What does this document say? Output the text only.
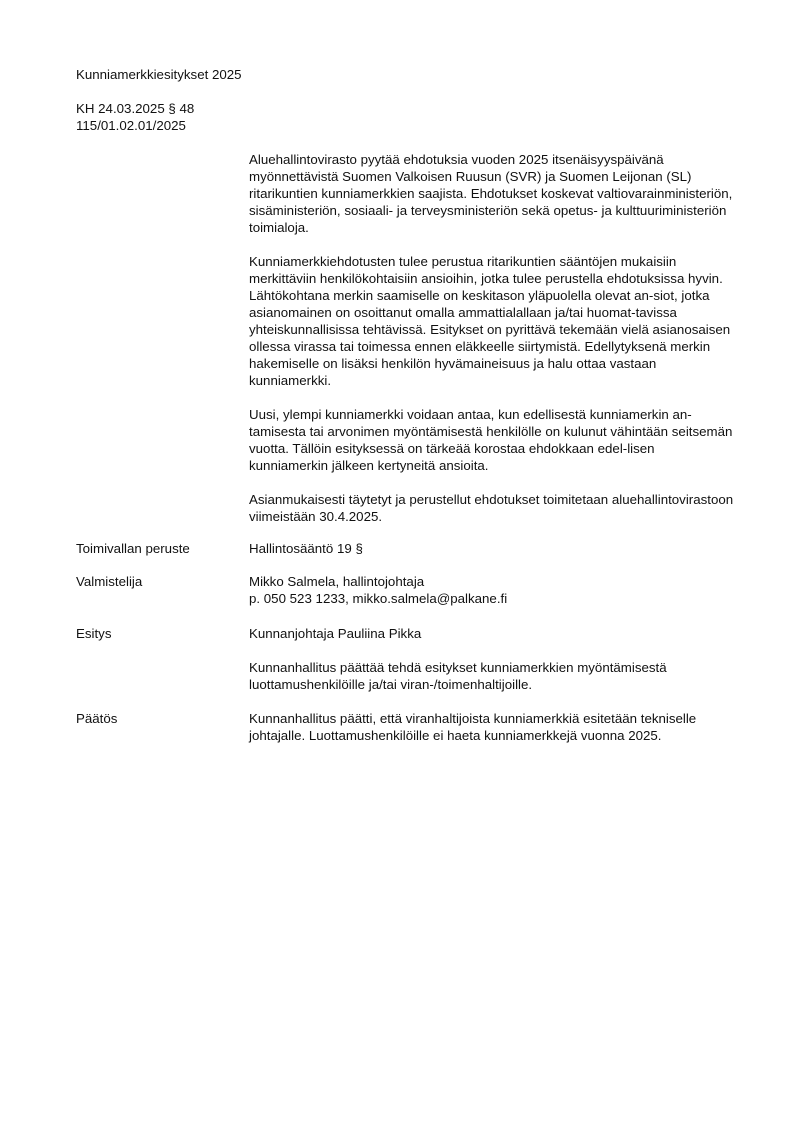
Kunniamerkkiesitykset 2025
KH 24.03.2025 § 48
115/01.02.01/2025

Aluehallintovirasto pyytää ehdotuksia vuoden 2025 itsenäisyyspäivänä myönnettävistä Suomen Valkoisen Ruusun (SVR) ja Suomen Leijonan (SL) ritarikuntien kunniamerkkien saajista. Ehdotukset koskevat valtiovarainministeriön, sisäministeriön, sosiaali- ja terveysministeriön sekä opetus- ja kulttuuriministeriön toimialoja.

Kunniamerkkiehdotusten tulee perustua ritarikuntien sääntöjen mukaisiin merkittäviin henkilökohtaisiin ansioihin, jotka tulee perustella ehdotuksissa hyvin. Lähtökohtana merkin saamiselle on keskitason yläpuolella olevat an-siot, jotka asianomainen on osoittanut omalla ammattialallaan ja/tai huomat-tavissa yhteiskunnallisissa tehtävissä. Esitykset on pyrittävä tekemään vielä asianosaisen ollessa virassa tai toimessa ennen eläkkeelle siirtymistä. Edellytyksenä merkin hakemiselle on lisäksi henkilön hyvämaineisuus ja halu ottaa vastaan kunniamerkki.

Uusi, ylempi kunniamerkki voidaan antaa, kun edellisestä kunniamerkin an-tamisesta tai arvonimen myöntämisestä henkilölle on kulunut vähintään seitsemän vuotta. Tällöin esityksessä on tärkeää korostaa ehdokkaan edel-lisen kunniamerkin jälkeen kertyneitä ansioita.

Asianmukaisesti täytetyt ja perustellut ehdotukset toimitetaan aluehallintovirastoon viimeistään 30.4.2025.

Toimivallan peruste	Hallintosääntö 19 §
Valmistelija	Mikko Salmela, hallintojohtaja
p. 050 523 1233, mikko.salmela@palkane.fi
Esitys	Kunnanjohtaja Pauliina Pikka

Kunnanhallitus päättää tehdä esitykset kunniamerkkien myöntämisestä luottamushenkilöille ja/tai viran-/toimenhaltijoille.

Päätös	Kunnanhallitus päätti, että viranhaltijoista kunniamerkkiä esitetään tekniselle johtajalle. Luottamushenkilöille ei haeta kunniamerkkejä vuonna 2025.
